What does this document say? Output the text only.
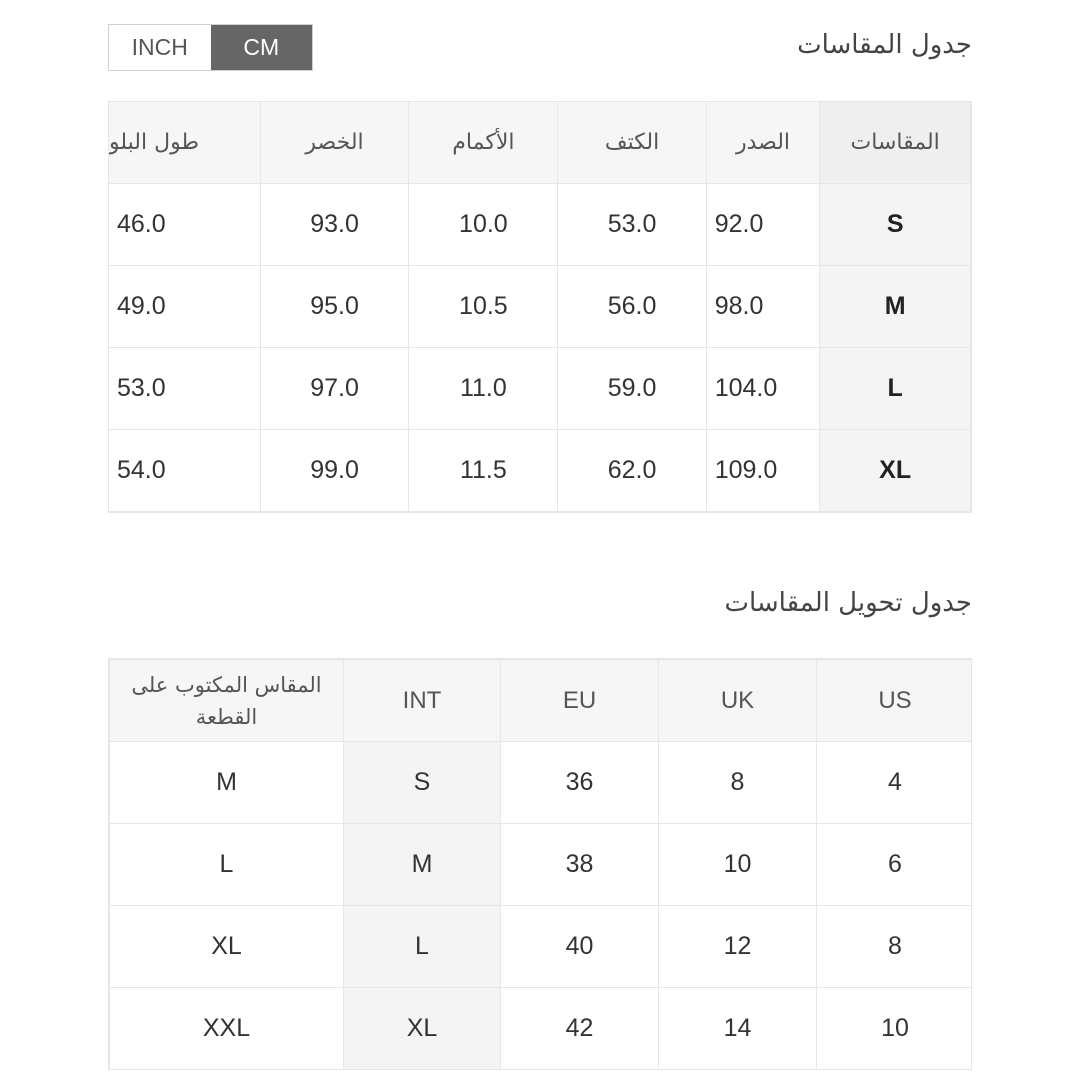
جدول المقاسات
INCH	CM
المقاسات	الصدر	الكتف	الأكمام	الخصر	طول البلو
S	92.0	53.0	10.0	93.0	46.0
M	98.0	56.0	10.5	95.0	49.0
L	104.0	59.0	11.0	97.0	53.0
XL	109.0	62.0	11.5	99.0	54.0
جدول تحويل المقاسات
US	UK	EU	INT	المقاس المكتوب على القطعة
4	8	36	S	M
6	10	38	M	L
8	12	40	L	XL
10	14	42	XL	XXL
